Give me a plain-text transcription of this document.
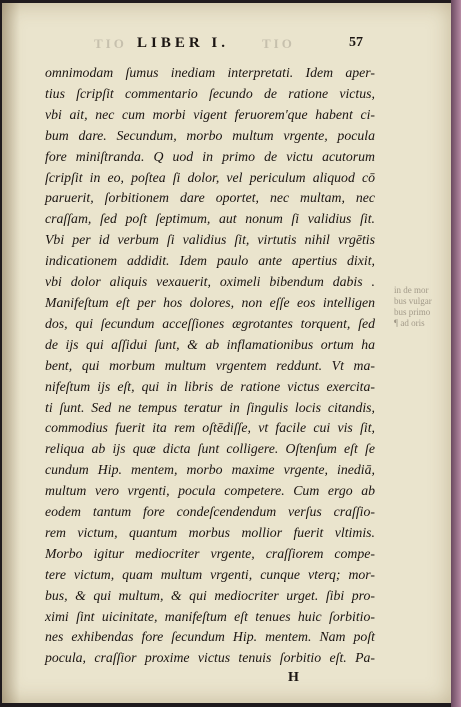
TIO	TIO
LIBER I.	57
omnimodam ſumus inediam interpretati. Idem aper-
tius ſcripſit commentario ſecundo de ratione victus,
vbi ait, nec cum morbi vigent feruorem'que habent ci-
bum dare. Secundum, morbo multum vrgente, pocula
fore miniſtranda. Q uod in primo de victu acutorum
ſcripſit in eo, poſtea ſi dolor, vel periculum aliquod cō
paruerit, ſorbitionem dare oportet, nec multam, nec
craſſam, ſed poſt ſeptimum, aut nonum ſi validius ſit.
Vbi per id verbum ſi validius ſit, virtutis nihil vrgētis
indicationem addidit. Idem paulo ante apertius dixit,
vbi dolor aliquis vexauerit, oximeli bibendum dabis .
Manifeſtum eſt per hos dolores, non eſſe eos intelligen
dos, qui ſecundum acceſſiones ægrotantes torquent, ſed
de ijs qui aſſidui ſunt, & ab inflamationibus ortum ha
bent, qui morbum multum vrgentem reddunt. Vt ma-
nifeſtum ijs eſt, qui in libris de ratione victus exercita-
ti ſunt. Sed ne tempus teratur in ſingulis locis citandis,
commodius fuerit ita rem oſtēdiſſe, vt facile cui vis ſit,
reliqua ab ijs quæ dicta ſunt colligere. Oſtenſum eſt ſe
cundum Hip. mentem, morbo maxime vrgente, inediā,
multum vero vrgenti, pocula competere. Cum ergo ab
eodem tantum fore condeſcendendum verſus craſſio-
rem victum, quantum morbus mollior fuerit vltimis.
Morbo igitur mediocriter vrgente, craſſiorem compe-
tere victum, quam multum vrgenti, cunque vterq; mor-
bus, & qui multum, & qui mediocriter urget. ſibi pro-
ximi ſint uicinitate, manifeſtum eſt tenues huic ſorbitio-
nes exhibendas fore ſecundum Hip. mentem. Nam poſt
pocula, craſſior proxime victus tenuis ſorbitio eſt. Pa-
in de mor
bus vulgar
bus primo
¶ ad oris
H
